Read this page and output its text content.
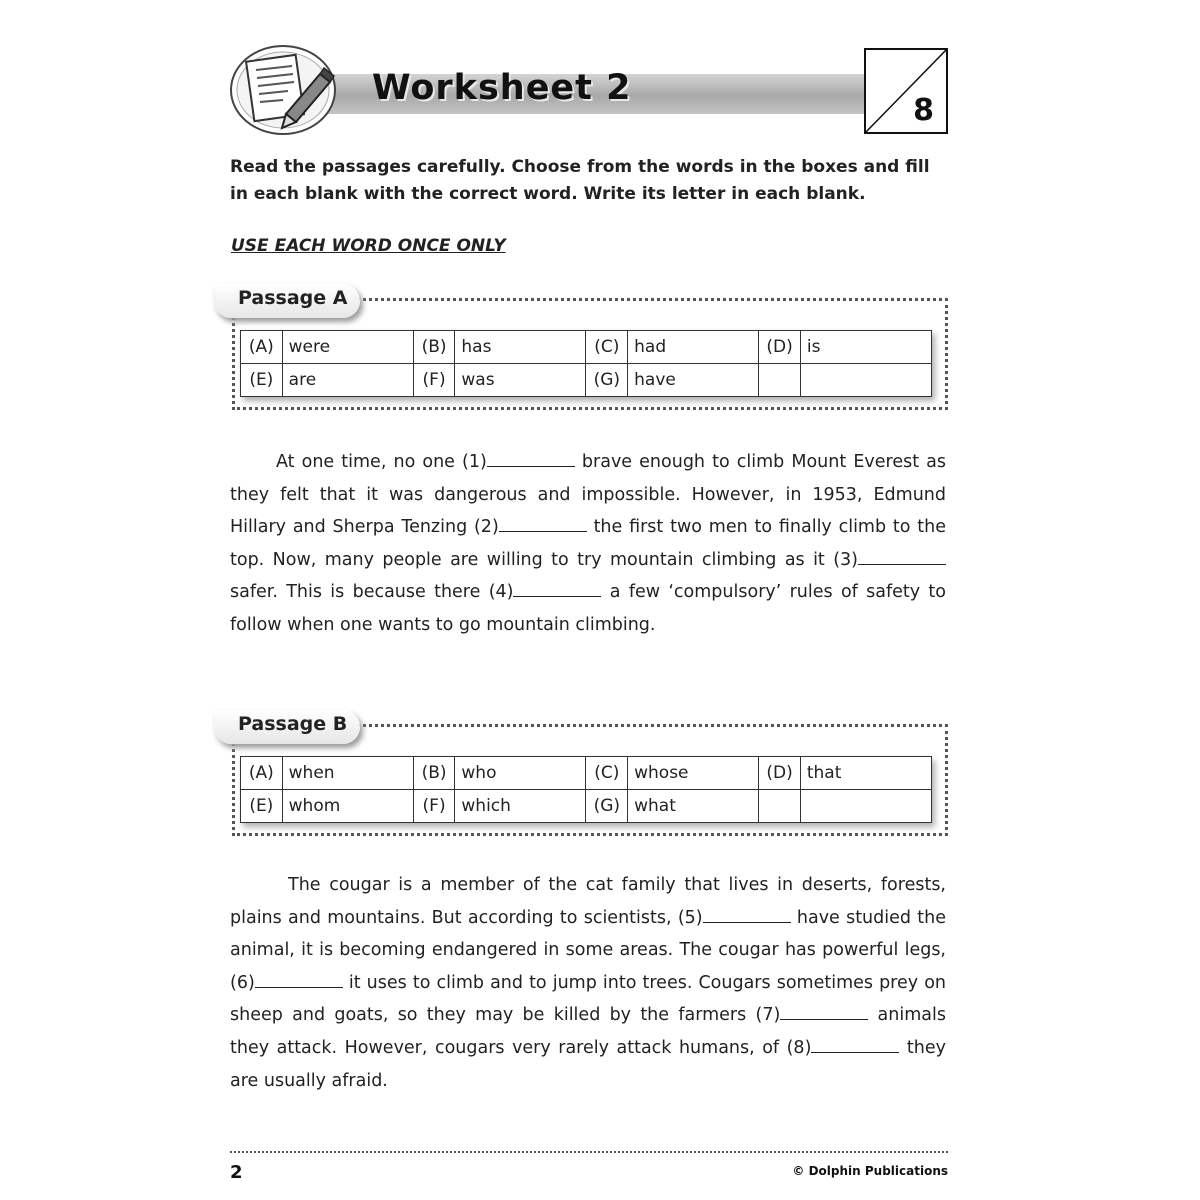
Worksheet 2
8
Read the passages carefully. Choose from the words in the boxes and fill in each blank with the correct word. Write its letter in each blank.
USE EACH WORD ONCE ONLY
Passage A
(A)	were	(B)	has	(C)	had	(D)	is
(E)	are	(F)	was	(G)	have		
At one time, no one (1)	brave enough to climb Mount Everest as they felt that it was dangerous and impossible. However, in 1953, Edmund Hillary and Sherpa Tenzing (2)	the first two men to finally climb to the top. Now, many people are willing to try mountain climbing as it (3) safer. This is because there (4)	a few ‘compulsory’ rules of safety to follow when one wants to go mountain climbing.
Passage B
(A)	when	(B)	who	(C)	whose	(D)	that
(E)	whom	(F)	which	(G)	what		
The cougar is a member of the cat family that lives in deserts, forests, plains and mountains. But according to scientists, (5)	have studied the animal, it is becoming endangered in some areas. The cougar has powerful legs, (6)	it uses to climb and to jump into trees. Cougars sometimes prey on sheep and goats, so they may be killed by the farmers (7)	animals they attack. However, cougars very rarely attack humans, of (8)	they are usually afraid.
2	© Dolphin Publications
